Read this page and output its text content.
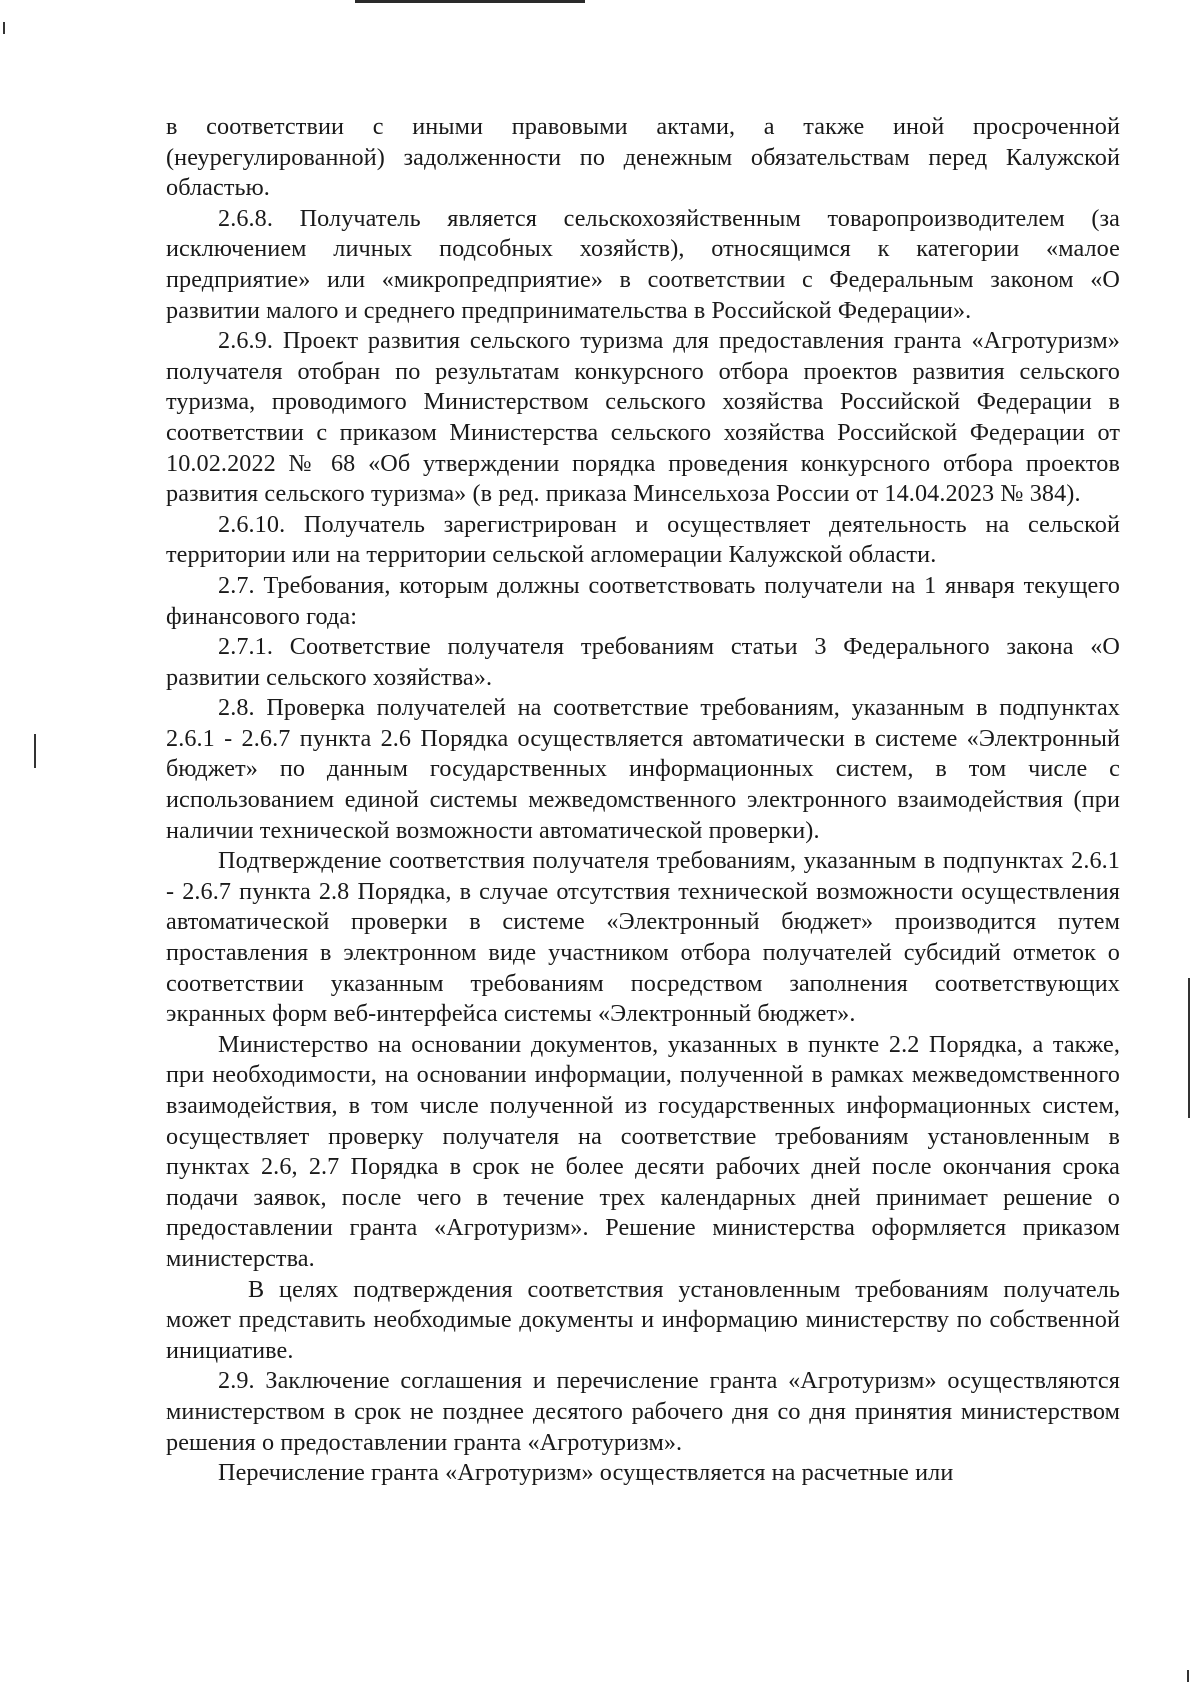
в соответствии с иными правовыми актами, а также иной просроченной (неурегулированной) задолженности по денежным обязательствам перед Калужской областью.

2.6.8. Получатель является сельскохозяйственным товаропроизводителем (за исключением личных подсобных хозяйств), относящимся к категории «малое предприятие» или «микропредприятие» в соответствии с Федеральным законом «О развитии малого и среднего предпринимательства в Российской Федерации».

2.6.9. Проект развития сельского туризма для предоставления гранта «Агротуризм» получателя отобран по результатам конкурсного отбора проектов развития сельского туризма, проводимого Министерством сельского хозяйства Российской Федерации в соответствии с приказом Министерства сельского хозяйства Российской Федерации от 10.02.2022 № 68 «Об утверждении порядка проведения конкурсного отбора проектов развития сельского туризма» (в ред. приказа Минсельхоза России от 14.04.2023 № 384).

2.6.10. Получатель зарегистрирован и осуществляет деятельность на сельской территории или на территории сельской агломерации Калужской области.

2.7. Требования, которым должны соответствовать получатели на 1 января текущего финансового года:

2.7.1. Соответствие получателя требованиям статьи 3 Федерального закона «О развитии сельского хозяйства».

2.8. Проверка получателей на соответствие требованиям, указанным в подпунктах 2.6.1 - 2.6.7 пункта 2.6 Порядка осуществляется автоматически в системе «Электронный бюджет» по данным государственных информационных систем, в том числе с использованием единой системы межведомственного электронного взаимодействия (при наличии технической возможности автоматической проверки).

Подтверждение соответствия получателя требованиям, указанным в подпунктах 2.6.1 - 2.6.7 пункта 2.8 Порядка, в случае отсутствия технической возможности осуществления автоматической проверки в системе «Электронный бюджет» производится путем проставления в электронном виде участником отбора получателей субсидий отметок о соответствии указанным требованиям посредством заполнения соответствующих экранных форм веб-интерфейса системы «Электронный бюджет».

Министерство на основании документов, указанных в пункте 2.2 Порядка, а также, при необходимости, на основании информации, полученной в рамках межведомственного взаимодействия, в том числе полученной из государственных информационных систем, осуществляет проверку получателя на соответствие требованиям установленным в пунктах 2.6, 2.7 Порядка в срок не более десяти рабочих дней после окончания срока подачи заявок, после чего в течение трех календарных дней принимает решение о предоставлении гранта «Агротуризм». Решение министерства оформляется приказом министерства.

В целях подтверждения соответствия установленным требованиям получатель может представить необходимые документы и информацию министерству по собственной инициативе.

2.9. Заключение соглашения и перечисление гранта «Агротуризм» осуществляются министерством в срок не позднее десятого рабочего дня со дня принятия министерством решения о предоставлении гранта «Агротуризм».

Перечисление гранта «Агротуризм» осуществляется на расчетные или
